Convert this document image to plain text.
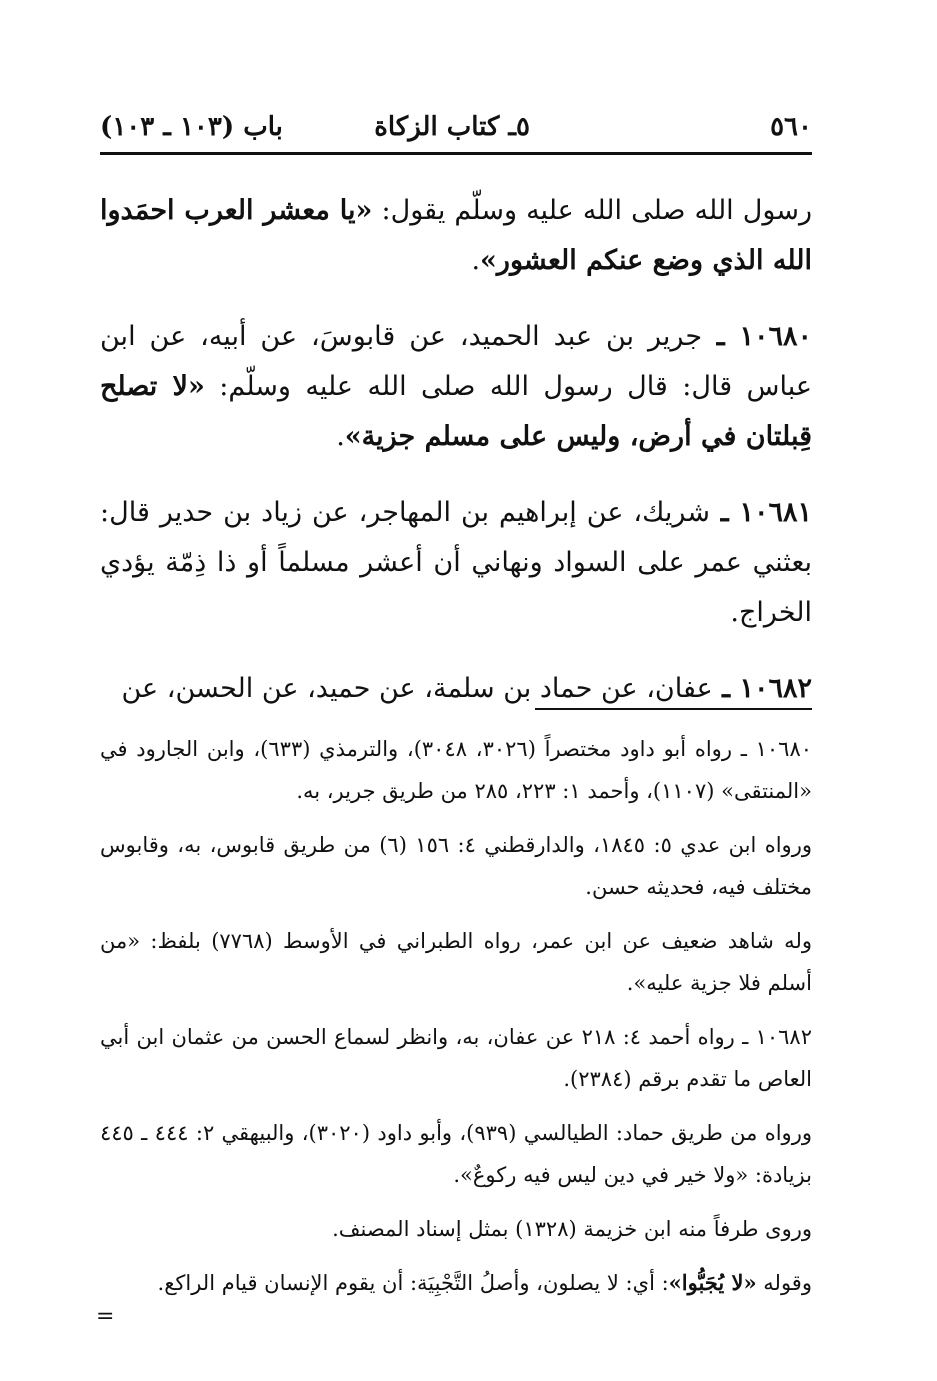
٥٦٠
٥ـ كتاب الزكاة
باب (١٠٣ ـ ١٠٣)

رسول الله صلى الله عليه وسلّم يقول: «يا معشر العرب احمَدوا الله الذي وضع عنكم العشور».

١٠٦٨٠ ـ جرير بن عبد الحميد، عن قابوسَ، عن أبيه، عن ابن عباس قال: قال رسول الله صلى الله عليه وسلّم: «لا تصلح قِبلتان في أرض، وليس على مسلم جزية».

١٠٦٨١ ـ شريك، عن إبراهيم بن المهاجر، عن زياد بن حدير قال: بعثني عمر على السواد ونهاني أن أعشر مسلماً أو ذا ذِمّة يؤدي الخراج.

١٠٦٨٢ ـ عفان، عن حماد بن سلمة، عن حميد، عن الحسن، عن

١٠٦٨٠ ـ رواه أبو داود مختصراً (٣٠٢٦، ٣٠٤٨)، والترمذي (٦٣٣)، وابن الجارود في «المنتقى» (١١٠٧)، وأحمد ١: ٢٢٣، ٢٨٥ من طريق جرير، به.

ورواه ابن عدي ٥: ١٨٤٥، والدارقطني ٤: ١٥٦ (٦) من طريق قابوس، به، وقابوس مختلف فيه، فحديثه حسن.

وله شاهد ضعيف عن ابن عمر، رواه الطبراني في الأوسط (٧٧٦٨) بلفظ: «من أسلم فلا جزية عليه».

١٠٦٨٢ ـ رواه أحمد ٤: ٢١٨ عن عفان، به، وانظر لسماع الحسن من عثمان ابن أبي العاص ما تقدم برقم (٢٣٨٤).

ورواه من طريق حماد: الطيالسي (٩٣٩)، وأبو داود (٣٠٢٠)، والبيهقي ٢: ٤٤٤ ـ ٤٤٥ بزيادة: «ولا خير في دين ليس فيه ركوعٌ».

وروى طرفاً منه ابن خزيمة (١٣٢٨) بمثل إسناد المصنف.

وقوله «لا يُجَبُّوا»: أي: لا يصلون، وأصلُ التَّجْبِيَة: أن يقوم الإنسان قيام الراكع.

=
